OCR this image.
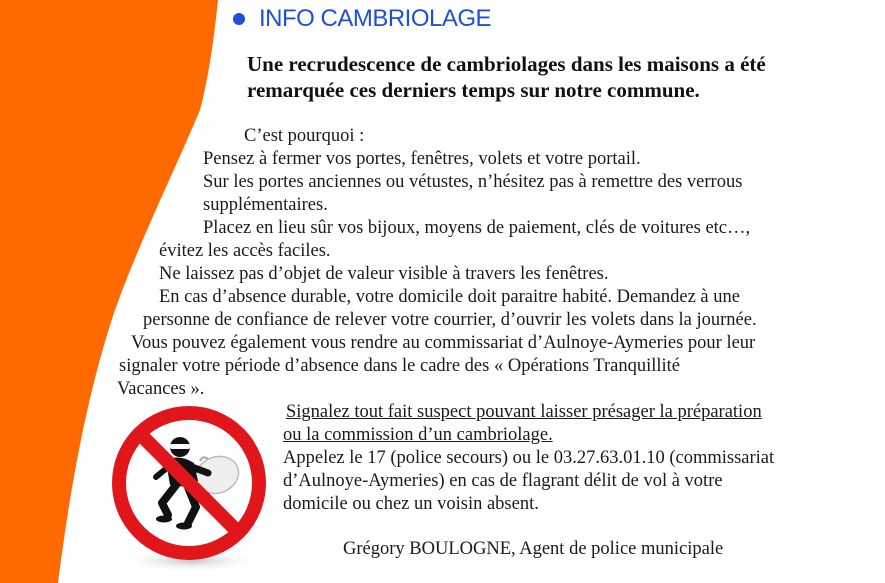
INFO CAMBRIOLAGE
Une recrudescence de cambriolages dans les maisons a été
remarquée ces derniers temps sur notre commune.
C’est pourquoi :
Pensez à fermer vos portes, fenêtres, volets et votre portail.
Sur les portes anciennes ou vétustes, n’hésitez pas à remettre des verrous
supplémentaires.
Placez en lieu sûr vos bijoux, moyens de paiement, clés de voitures etc…,
évitez les accès faciles.
Ne laissez pas d’objet de valeur visible à travers les fenêtres.
En cas d’absence durable, votre domicile doit paraitre habité. Demandez à une
personne de confiance de relever votre courrier, d’ouvrir les volets dans la journée.
Vous pouvez également vous rendre au commissariat d’Aulnoye-Aymeries pour leur
signaler votre période d’absence dans le cadre des « Opérations Tranquillité
Vacances ».
Signalez tout fait suspect pouvant laisser présager la préparation
ou la commission d’un cambriolage.
Appelez le 17 (police secours) ou le 03.27.63.01.10 (commissariat
d’Aulnoye-Aymeries) en cas de flagrant délit de vol à votre
domicile ou chez un voisin absent.
Grégory BOULOGNE, Agent de police municipale
